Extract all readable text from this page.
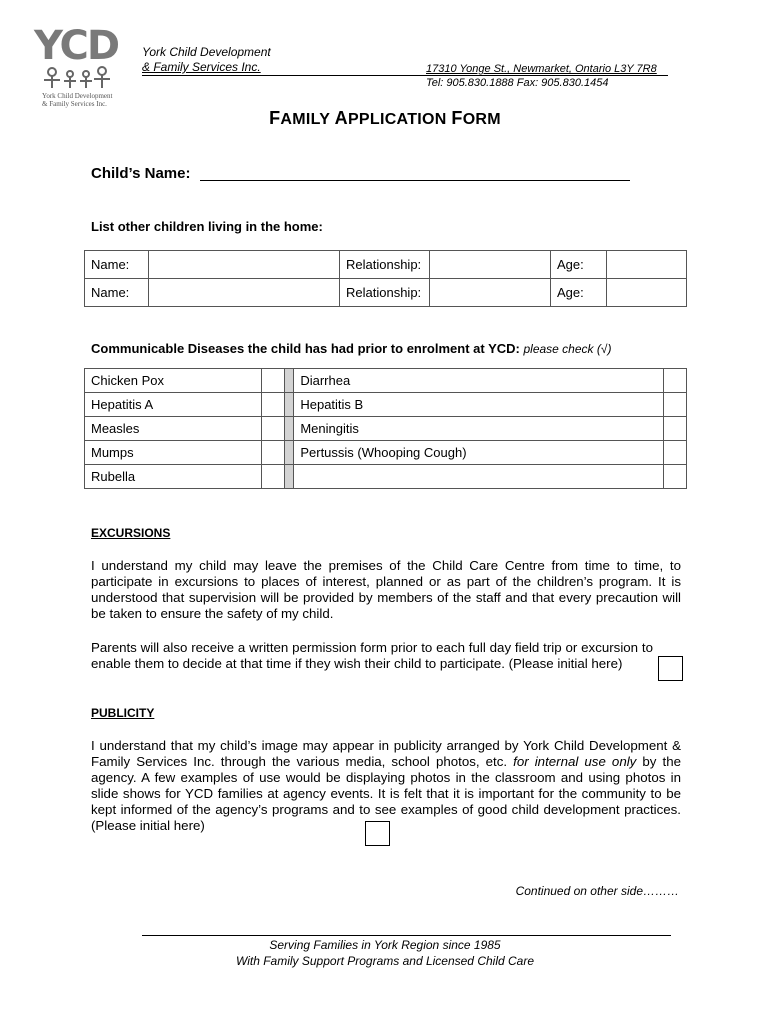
YCD
York Child Development
& Family Services Inc.
York Child Development
& Family Services Inc.	17310 Yonge St., Newmarket, Ontario L3Y 7R8
Tel: 905.830.1888 Fax: 905.830.1454
FAMILY APPLICATION FORM
Child’s Name:
List other children living in the home:
Name:		Relationship:		Age:	
Name:		Relationship:		Age:	
Communicable Diseases the child has had prior to enrolment at YCD: please check (√)
Chicken Pox			Diarrhea	
Hepatitis A			Hepatitis B	
Measles			Meningitis	
Mumps			Pertussis (Whooping Cough)	
Rubella				
EXCURSIONS
I understand my child may leave the premises of the Child Care Centre from time to time, to participate in excursions to places of interest, planned or as part of the children’s program. It is understood that supervision will be provided by members of the staff and that every precaution will be taken to ensure the safety of my child.
Parents will also receive a written permission form prior to each full day field trip or excursion to enable them to decide at that time if they wish their child to participate. (Please initial here)
PUBLICITY
I understand that my child’s image may appear in publicity arranged by York Child Development & Family Services Inc. through the various media, school photos, etc. for internal use only by the agency. A few examples of use would be displaying photos in the classroom and using photos in slide shows for YCD families at agency events. It is felt that it is important for the community to be kept informed of the agency’s programs and to see examples of good child development practices. (Please initial here)
Continued on other side………
Serving Families in York Region since 1985
With Family Support Programs and Licensed Child Care
